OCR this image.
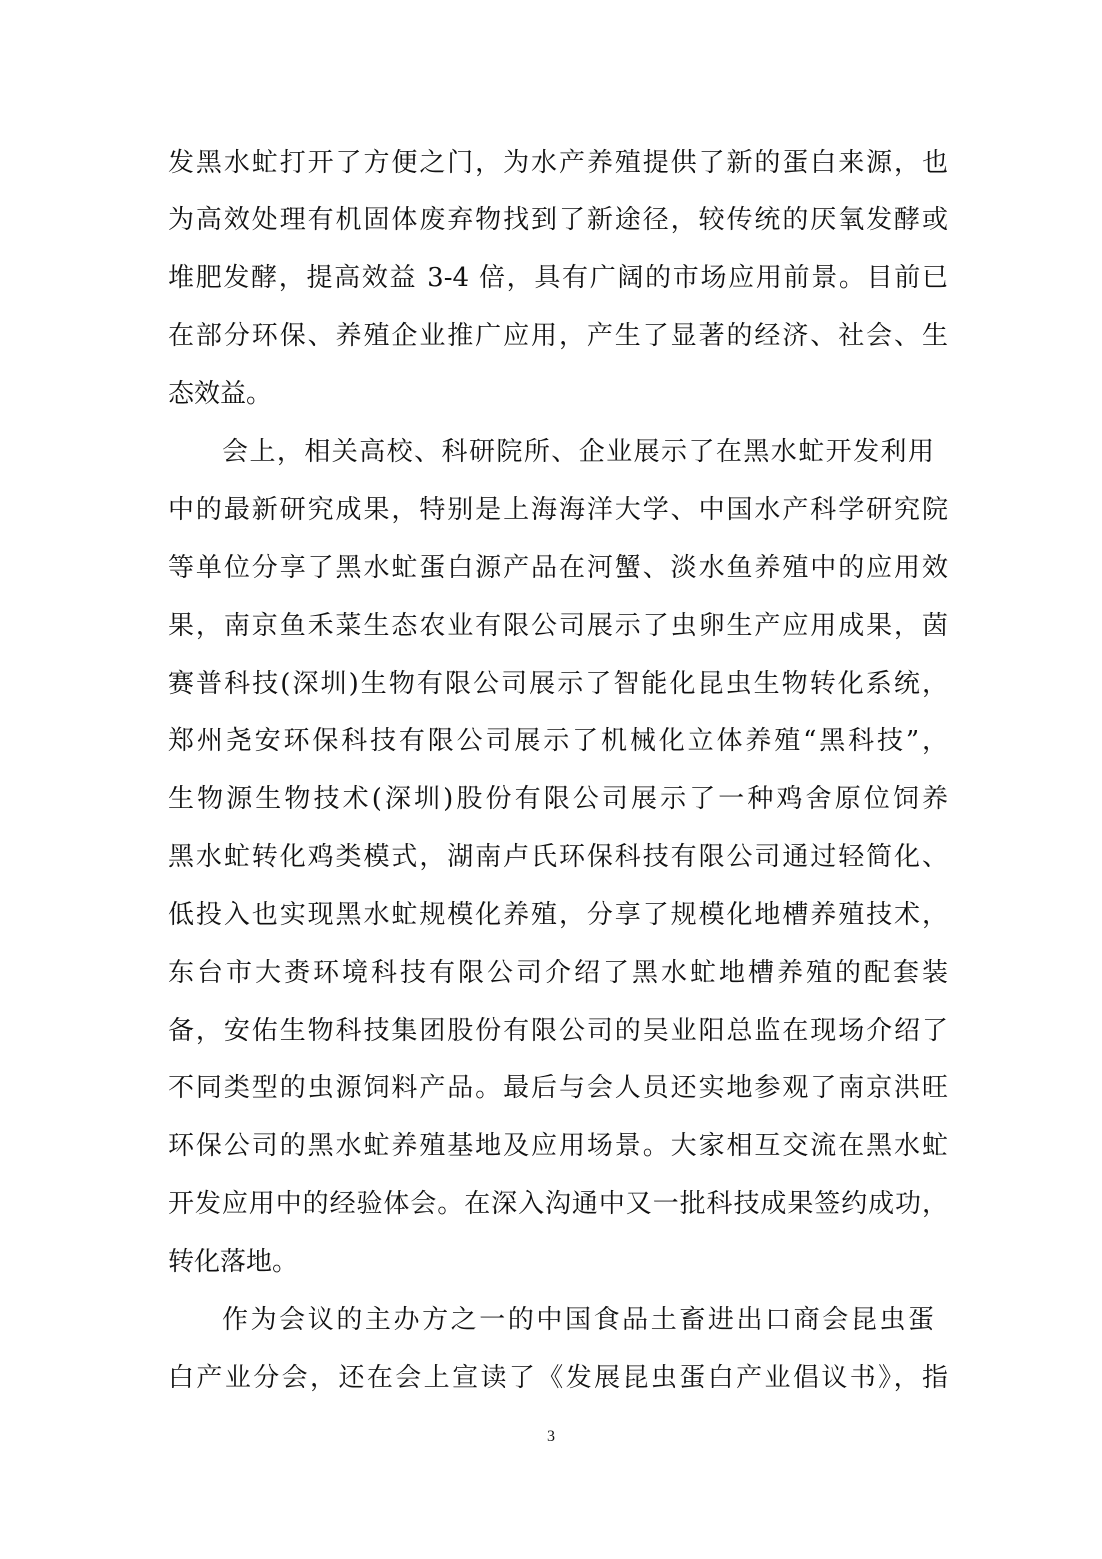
发黑水虻打开了方便之门，为水产养殖提供了新的蛋白来源，也
为高效处理有机固体废弃物找到了新途径，较传统的厌氧发酵或
堆肥发酵，提高效益 3-4 倍，具有广阔的市场应用前景。目前已
在部分环保、养殖企业推广应用，产生了显著的经济、社会、生
态效益。
会上，相关高校、科研院所、企业展示了在黑水虻开发利用
中的最新研究成果，特别是上海海洋大学、中国水产科学研究院
等单位分享了黑水虻蛋白源产品在河蟹、淡水鱼养殖中的应用效
果，南京鱼禾菜生态农业有限公司展示了虫卵生产应用成果，茵
赛普科技(深圳)生物有限公司展示了智能化昆虫生物转化系统，
郑州尧安环保科技有限公司展示了机械化立体养殖“黑科技”，
生物源生物技术(深圳)股份有限公司展示了一种鸡舍原位饲养
黑水虻转化鸡类模式，湖南卢氏环保科技有限公司通过轻简化、
低投入也实现黑水虻规模化养殖，分享了规模化地槽养殖技术，
东台市大赉环境科技有限公司介绍了黑水虻地槽养殖的配套装
备，安佑生物科技集团股份有限公司的吴业阳总监在现场介绍了
不同类型的虫源饲料产品。最后与会人员还实地参观了南京洪旺
环保公司的黑水虻养殖基地及应用场景。大家相互交流在黑水虻
开发应用中的经验体会。在深入沟通中又一批科技成果签约成功，
转化落地。
作为会议的主办方之一的中国食品土畜进出口商会昆虫蛋
白产业分会，还在会上宣读了《发展昆虫蛋白产业倡议书》，指
3
